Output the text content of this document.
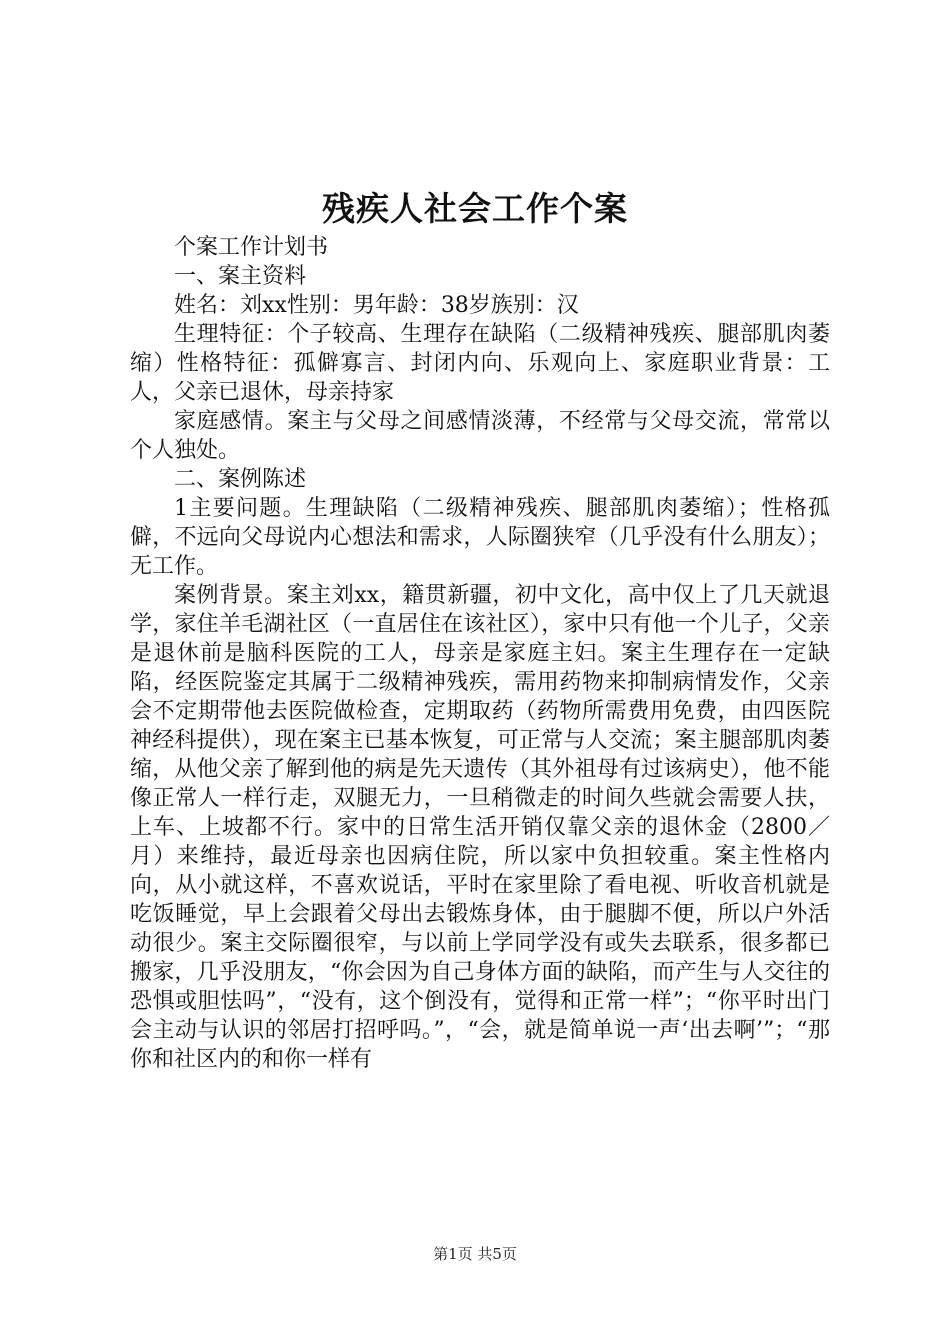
残疾人社会工作个案

个案工作计划书

一、案主资料

姓名：刘xx性别：男年龄：38岁族别：汉

生理特征：个子较高、生理存在缺陷（二级精神残疾、腿部肌肉萎缩）性格特征：孤僻寡言、封闭内向、乐观向上、家庭职业背景：工人，父亲已退休，母亲持家

家庭感情。案主与父母之间感情淡薄，不经常与父母交流，常常以个人独处。

二、案例陈述

1主要问题。生理缺陷（二级精神残疾、腿部肌肉萎缩）；性格孤僻，不远向父母说内心想法和需求，人际圈狭窄（几乎没有什么朋友）；无工作。

案例背景。案主刘xx，籍贯新疆，初中文化，高中仅上了几天就退学，家住羊毛湖社区（一直居住在该社区），家中只有他一个儿子，父亲是退休前是脑科医院的工人，母亲是家庭主妇。案主生理存在一定缺陷，经医院鉴定其属于二级精神残疾，需用药物来抑制病情发作，父亲会不定期带他去医院做检查，定期取药（药物所需费用免费，由四医院神经科提供），现在案主已基本恢复，可正常与人交流；案主腿部肌肉萎缩，从他父亲了解到他的病是先天遗传（其外祖母有过该病史），他不能像正常人一样行走，双腿无力，一旦稍微走的时间久些就会需要人扶，上车、上坡都不行。家中的日常生活开销仅靠父亲的退休金（2800／月）来维持，最近母亲也因病住院，所以家中负担较重。案主性格内向，从小就这样，不喜欢说话，平时在家里除了看电视、听收音机就是吃饭睡觉，早上会跟着父母出去锻炼身体，由于腿脚不便，所以户外活动很少。案主交际圈很窄，与以前上学同学没有或失去联系，很多都已搬家，几乎没朋友，“你会因为自己身体方面的缺陷，而产生与人交往的恐惧或胆怯吗”，“没有，这个倒没有，觉得和正常一样”；“你平时出门会主动与认识的邻居打招呼吗。”，“会，就是简单说一声‘出去啊’”；“那你和社区内的和你一样有

第1页 共5页
